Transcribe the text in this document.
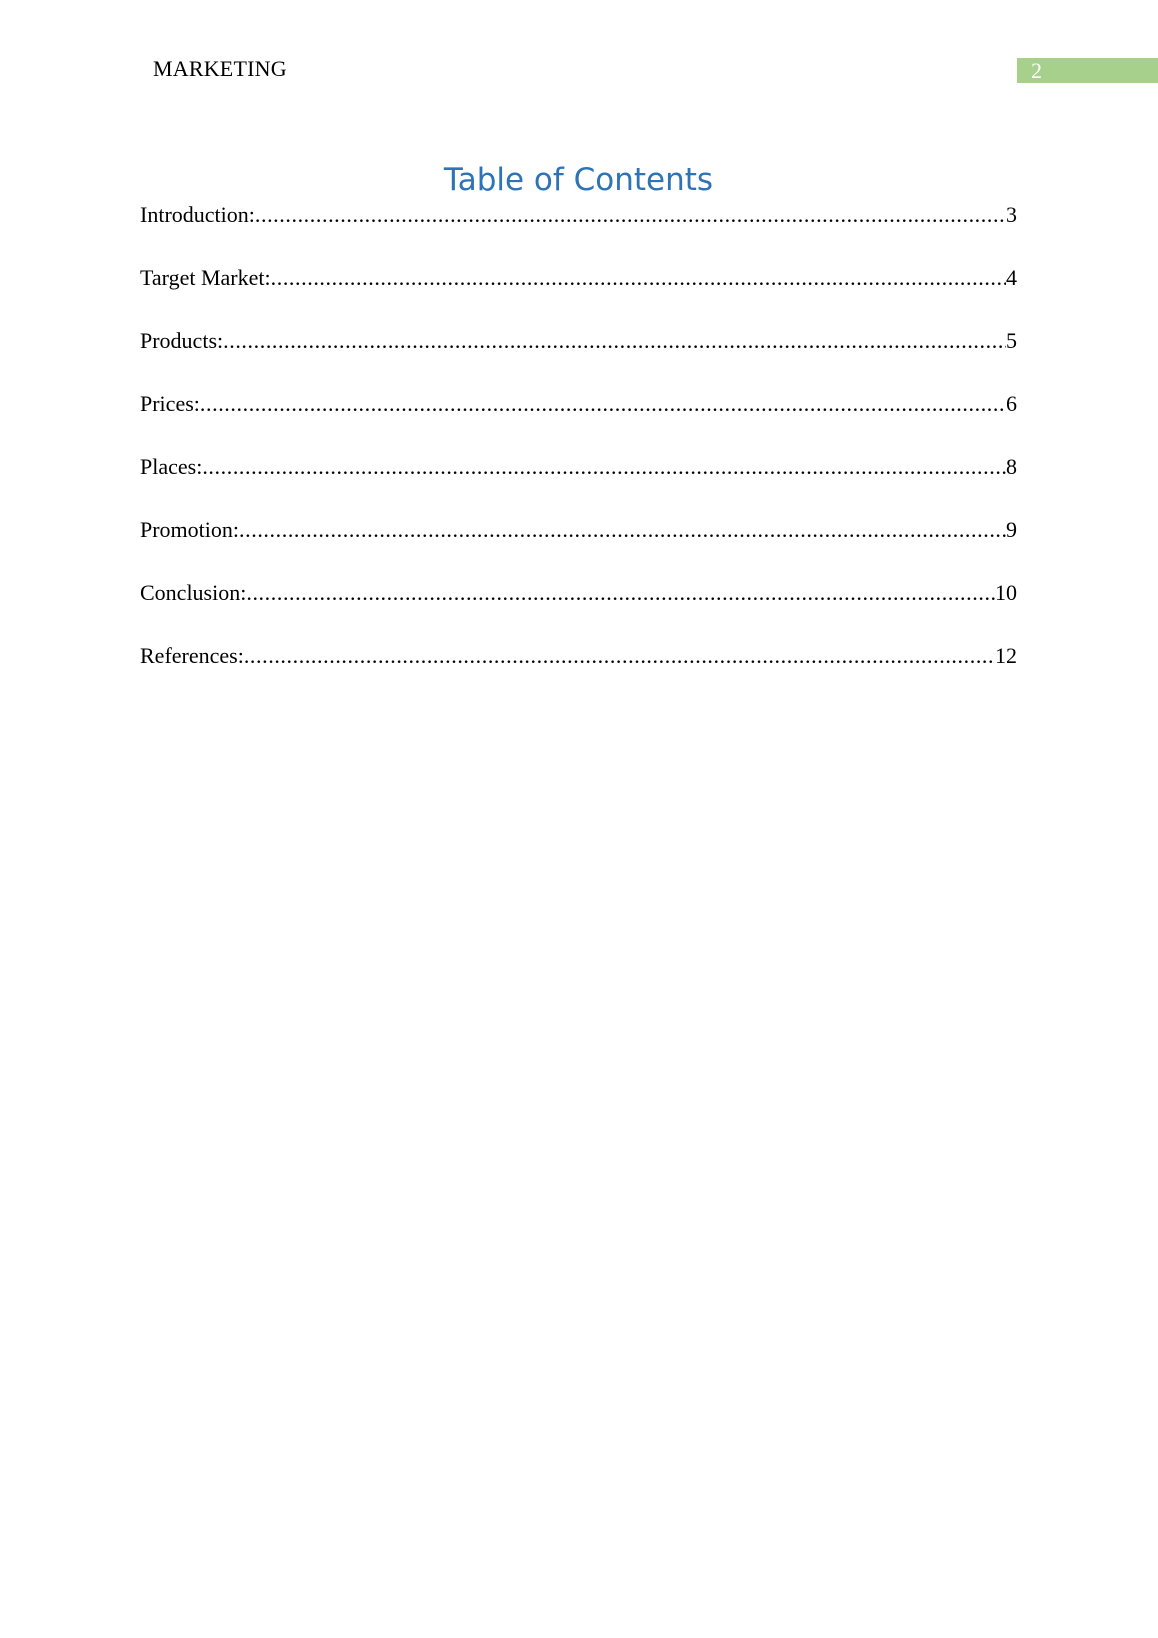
MARKETING	2
Table of Contents
Introduction: .....	3
Target Market: .....	4
Products: .....	5
Prices: .....	6
Places: .....	8
Promotion: .....	9
Conclusion: .....	10
References: .....	12
